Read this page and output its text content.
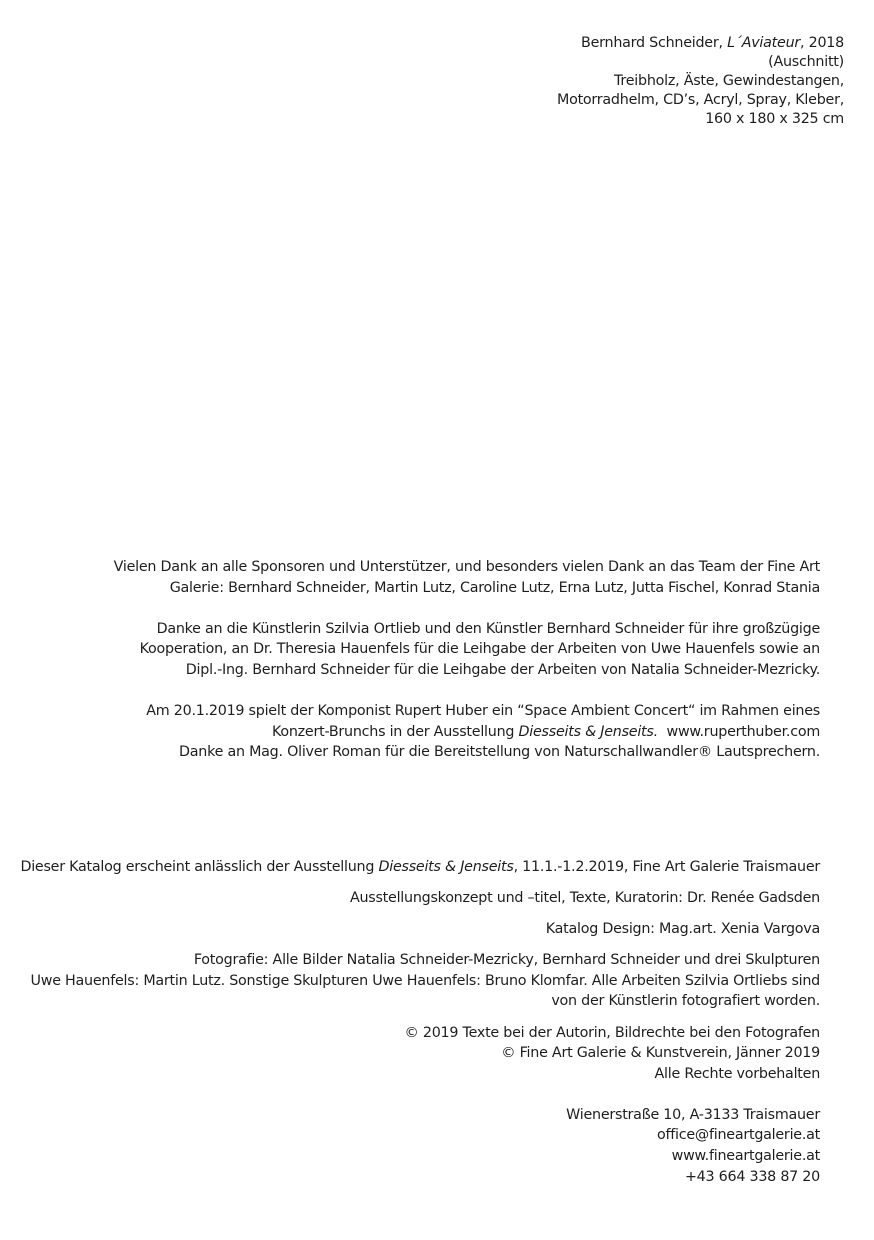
Bernhard Schneider, L´Aviateur, 2018
(Auschnitt)
Treibholz, Äste, Gewindestangen,
Motorradhelm, CD’s, Acryl, Spray, Kleber,
160 x 180 x 325 cm
Vielen Dank an alle Sponsoren und Unterstützer, und besonders vielen Dank an das Team der Fine Art
Galerie: Bernhard Schneider, Martin Lutz, Caroline Lutz, Erna Lutz, Jutta Fischel, Konrad Stania
Danke an die Künstlerin Szilvia Ortlieb und den Künstler Bernhard Schneider für ihre großzügige
Kooperation, an Dr. Theresia Hauenfels für die Leihgabe der Arbeiten von Uwe Hauenfels sowie an
Dipl.-Ing. Bernhard Schneider für die Leihgabe der Arbeiten von Natalia Schneider-Mezricky.
Am 20.1.2019 spielt der Komponist Rupert Huber ein “Space Ambient Concert“ im Rahmen eines
Konzert-Brunchs in der Ausstellung Diesseits & Jenseits. www.ruperthuber.com
Danke an Mag. Oliver Roman für die Bereitstellung von Naturschallwandler® Lautsprechern.
Dieser Katalog erscheint anlässlich der Ausstellung Diesseits & Jenseits, 11.1.-1.2.2019, Fine Art Galerie Traismauer
Ausstellungskonzept und –titel, Texte, Kuratorin: Dr. Renée Gadsden
Katalog Design: Mag.art. Xenia Vargova
Fotografie: Alle Bilder Natalia Schneider-Mezricky, Bernhard Schneider und drei Skulpturen
Uwe Hauenfels: Martin Lutz. Sonstige Skulpturen Uwe Hauenfels: Bruno Klomfar. Alle Arbeiten Szilvia Ortliebs sind
von der Künstlerin fotografiert worden.
© 2019 Texte bei der Autorin, Bildrechte bei den Fotografen
© Fine Art Galerie & Kunstverein, Jänner 2019
Alle Rechte vorbehalten
Wienerstraße 10, A-3133 Traismauer
office@fineartgalerie.at
www.fineartgalerie.at
+43 664 338 87 20
